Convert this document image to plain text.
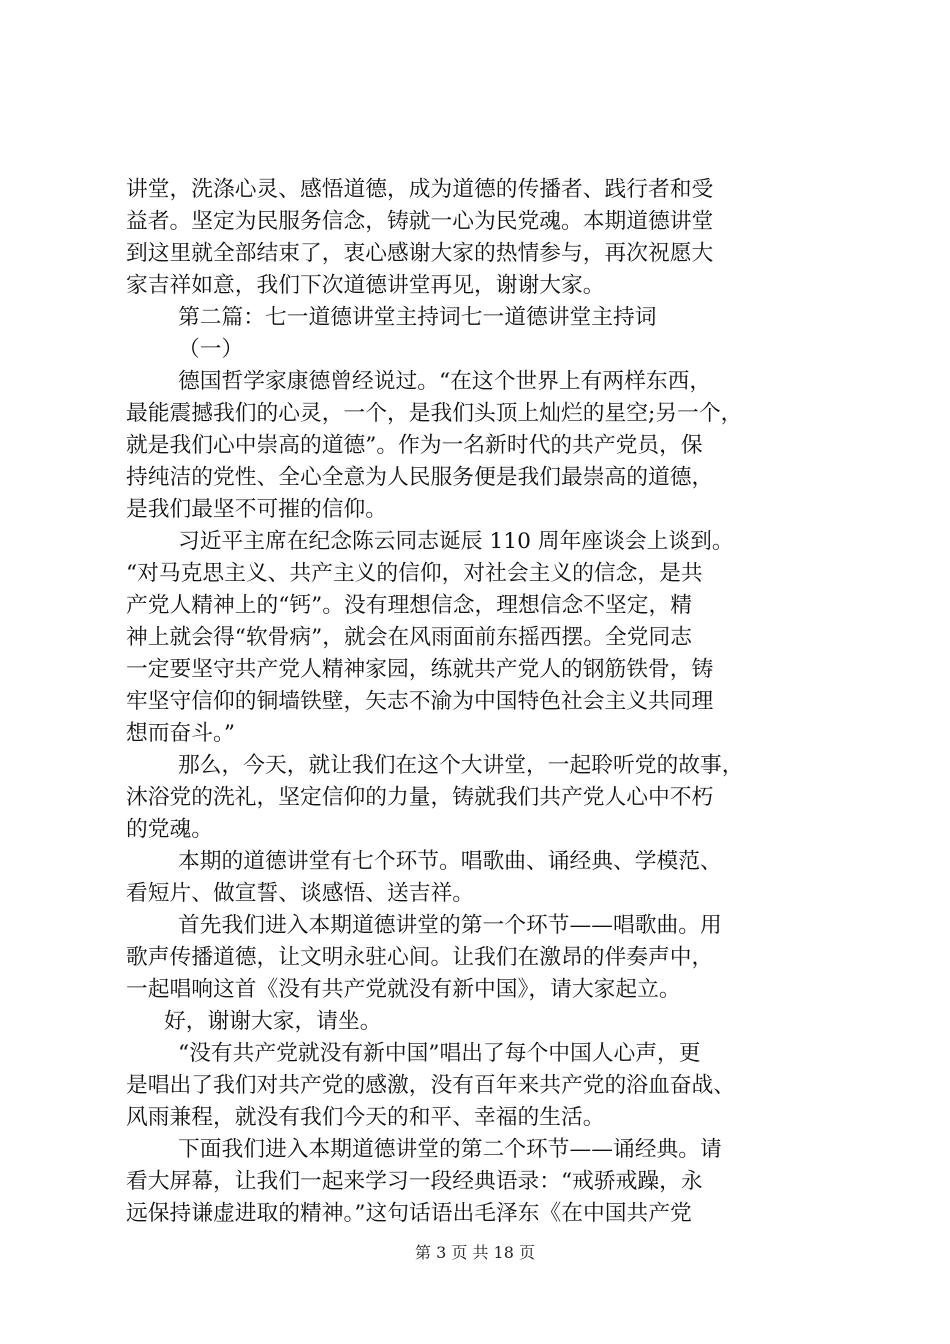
讲堂，洗涤心灵、感悟道德，成为道德的传播者、践行者和受
益者。坚定为民服务信念，铸就一心为民党魂。本期道德讲堂
到这里就全部结束了，衷心感谢大家的热情参与，再次祝愿大
家吉祥如意，我们下次道德讲堂再见，谢谢大家。
第二篇：七一道德讲堂主持词七一道德讲堂主持词
（一）
德国哲学家康德曾经说过。“在这个世界上有两样东西，
最能震撼我们的心灵，一个，是我们头顶上灿烂的星空;另一个，
就是我们心中崇高的道德”。作为一名新时代的共产党员，保
持纯洁的党性、全心全意为人民服务便是我们最崇高的道德，
是我们最坚不可摧的信仰。
习近平主席在纪念陈云同志诞辰 110 周年座谈会上谈到。
“对马克思主义、共产主义的信仰，对社会主义的信念，是共
产党人精神上的“钙”。没有理想信念，理想信念不坚定，精
神上就会得“软骨病”，就会在风雨面前东摇西摆。全党同志
一定要坚守共产党人精神家园，练就共产党人的钢筋铁骨，铸
牢坚守信仰的铜墙铁壁，矢志不渝为中国特色社会主义共同理
想而奋斗。”
那么，今天，就让我们在这个大讲堂，一起聆听党的故事，
沐浴党的洗礼，坚定信仰的力量，铸就我们共产党人心中不朽
的党魂。
本期的道德讲堂有七个环节。唱歌曲、诵经典、学模范、
看短片、做宣誓、谈感悟、送吉祥。
首先我们进入本期道德讲堂的第一个环节——唱歌曲。用
歌声传播道德，让文明永驻心间。让我们在激昂的伴奏声中，
一起唱响这首《没有共产党就没有新中国》，请大家起立。
好，谢谢大家，请坐。
“没有共产党就没有新中国”唱出了每个中国人心声，更
是唱出了我们对共产党的感激，没有百年来共产党的浴血奋战、
风雨兼程，就没有我们今天的和平、幸福的生活。
下面我们进入本期道德讲堂的第二个环节——诵经典。请
看大屏幕，让我们一起来学习一段经典语录：“戒骄戒躁，永
远保持谦虚进取的精神。”这句话语出毛泽东《在中国共产党
第 3 页 共 18 页
